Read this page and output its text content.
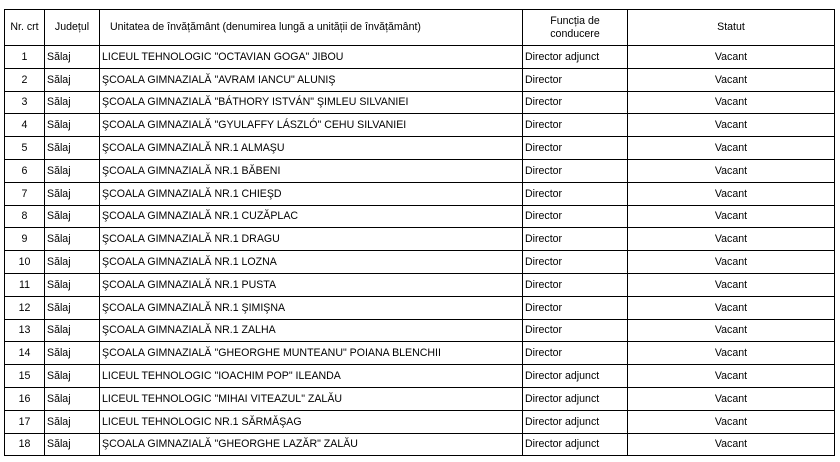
Nr. crt	Județul	Unitatea de învățământ (denumirea lungă a unității de învățământ)	Funcția de conducere	Statut
1	Sălaj	LICEUL TEHNOLOGIC "OCTAVIAN GOGA" JIBOU	Director adjunct	Vacant
2	Sălaj	ŞCOALA GIMNAZIALĂ "AVRAM IANCU" ALUNIŞ	Director	Vacant
3	Sălaj	ŞCOALA GIMNAZIALĂ "BÁTHORY ISTVÁN" ŞIMLEU SILVANIEI	Director	Vacant
4	Sălaj	ŞCOALA GIMNAZIALĂ "GYULAFFY LÁSZLÓ" CEHU SILVANIEI	Director	Vacant
5	Sălaj	ŞCOALA GIMNAZIALĂ NR.1 ALMAŞU	Director	Vacant
6	Sălaj	ŞCOALA GIMNAZIALĂ NR.1 BĂBENI	Director	Vacant
7	Sălaj	ŞCOALA GIMNAZIALĂ NR.1 CHIEŞD	Director	Vacant
8	Sălaj	ŞCOALA GIMNAZIALĂ NR.1 CUZĂPLAC	Director	Vacant
9	Sălaj	ŞCOALA GIMNAZIALĂ NR.1 DRAGU	Director	Vacant
10	Sălaj	ŞCOALA GIMNAZIALĂ NR.1 LOZNA	Director	Vacant
11	Sălaj	ŞCOALA GIMNAZIALĂ NR.1 PUSTA	Director	Vacant
12	Sălaj	ŞCOALA GIMNAZIALĂ NR.1 ŞIMIŞNA	Director	Vacant
13	Sălaj	ŞCOALA GIMNAZIALĂ NR.1 ZALHA	Director	Vacant
14	Sălaj	ŞCOALA GIMNAZIALĂ "GHEORGHE MUNTEANU" POIANA BLENCHII	Director	Vacant
15	Sălaj	LICEUL TEHNOLOGIC "IOACHIM POP" ILEANDA	Director adjunct	Vacant
16	Sălaj	LICEUL TEHNOLOGIC "MIHAI VITEAZUL" ZALĂU	Director adjunct	Vacant
17	Sălaj	LICEUL TEHNOLOGIC NR.1 SĂRMĂŞAG	Director adjunct	Vacant
18	Sălaj	ŞCOALA GIMNAZIALĂ "GHEORGHE LAZĂR" ZALĂU	Director adjunct	Vacant
